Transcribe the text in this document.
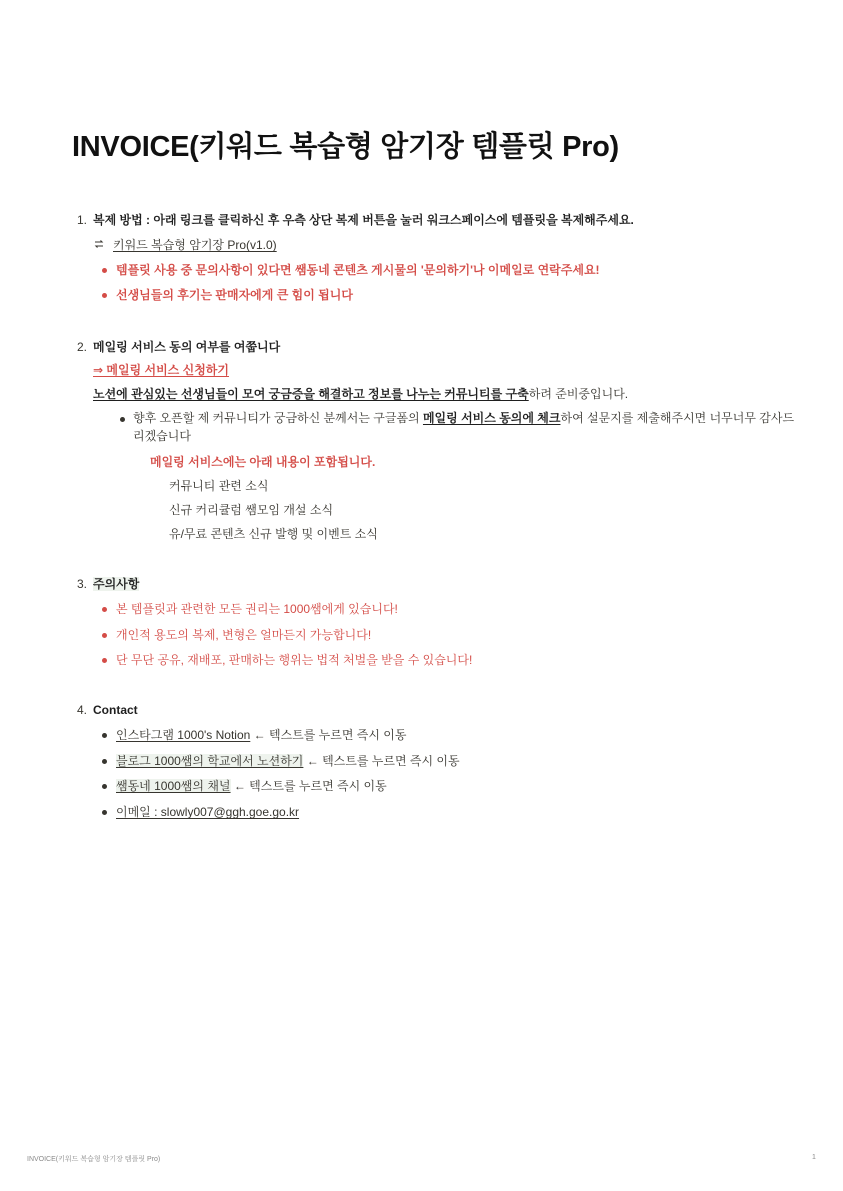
INVOICE(키워드 복습형 암기장 템플릿 Pro)
1. 복제 방법 : 아래 링크를 클릭하신 후 우측 상단 복제 버튼을 눌러 워크스페이스에 템플릿을 복제해주세요.
키워드 복습형 암기장 Pro(v1.0)
템플릿 사용 중 문의사항이 있다면 쌤동네 콘텐츠 게시물의 '문의하기'나 이메일로 연락주세요!
선생님들의 후기는 판매자에게 큰 힘이 됩니다
2. 메일링 서비스 동의 여부를 여쭙니다
⇒ 메일링 서비스 신청하기
노션에 관심있는 선생님들이 모여 궁금증을 해결하고 정보를 나누는 커뮤니티를 구축하려 준비중입니다.
향후 오픈할 제 커뮤니티가 궁금하신 분께서는 구글폼의 메일링 서비스 동의에 체크하여 설문지를 제출해주시면 너무너무 감사드
리겠습니다
메일링 서비스에는 아래 내용이 포함됩니다.
커뮤니티 관련 소식
신규 커리큘럼 쌤모임 개설 소식
유/무료 콘텐츠 신규 발행 및 이벤트 소식
3. 주의사항
본 템플릿과 관련한 모든 권리는 1000쌤에게 있습니다!
개인적 용도의 복제, 변형은 얼마든지 가능합니다!
단 무단 공유, 재배포, 판매하는 행위는 법적 처벌을 받을 수 있습니다!
4. Contact
인스타그램 1000's Notion ← 텍스트를 누르면 즉시 이동
블로그 1000쌤의 학교에서 노션하기 ← 텍스트를 누르면 즉시 이동
쌤동네 1000쌤의 채널 ← 텍스트를 누르면 즉시 이동
이메일 : slowly007@ggh.goe.go.kr
INVOICE(키워드 복습형 암기장 템플릿 Pro)	1
